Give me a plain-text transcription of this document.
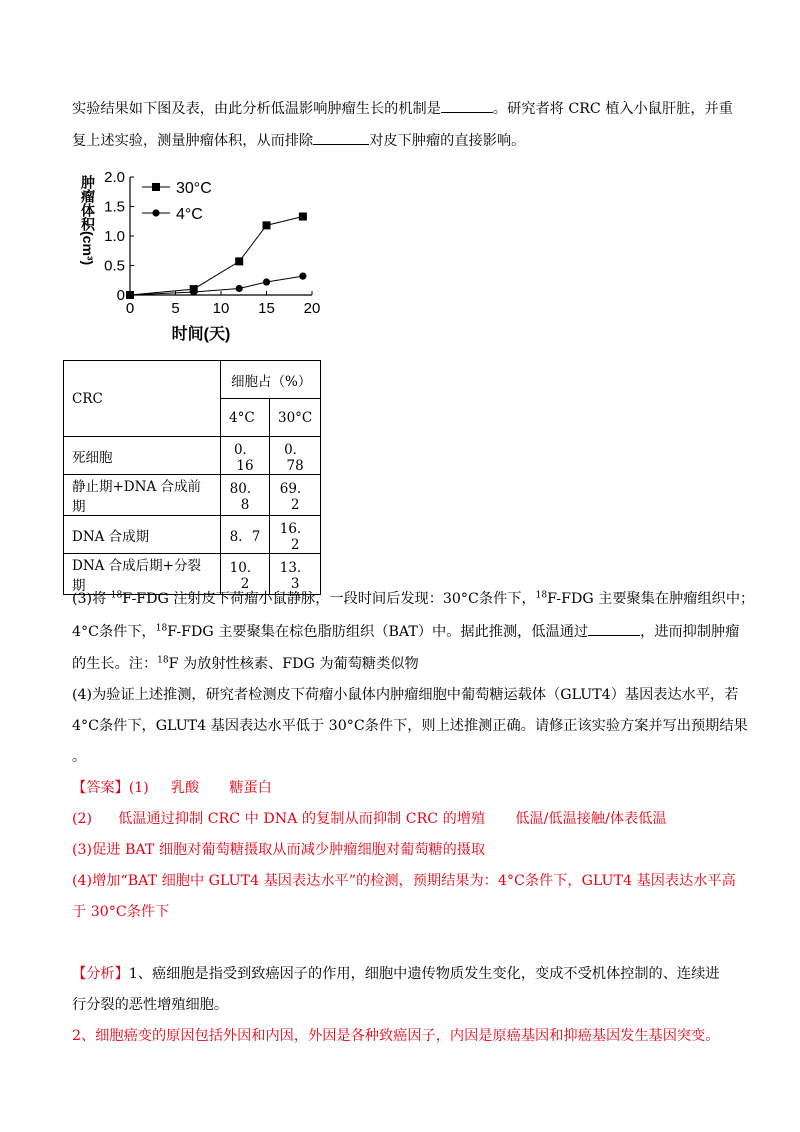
实验结果如下图及表，由此分析低温影响肿瘤生长的机制是	。研究者将 CRC 植入小鼠肝脏，并重
复上述实验，测量肿瘤体积，从而排除	对皮下肿瘤的直接影响。
0 5 10 15 20
0
0.5
1.0
1.5
2.0
时间(天)
肿瘤体积(cm³)	30°C
4°C
CRC	细胞占（%）	
	4°C	30°C
死细胞	0．16	0．78
静止期+DNA 合成前期	80．8	69．2
DNA 合成期	8．7	16．2
DNA 合成后期+分裂期	10．2	13．3
(3)将 $^{18}$F-FDG 注射皮下荷瘤小鼠静脉，一段时间后发现：30°C条件下，$^{18}$F-FDG 主要聚集在肿瘤组织中；
4°C条件下，$^{18}$F-FDG 主要聚集在棕色脂肪组织（BAT）中。据此推测，低温通过	，进而抑制肿瘤
的生长。注：$^{18}$F 为放射性核素、FDG 为葡萄糖类似物
(4)为验证上述推测，研究者检测皮下荷瘤小鼠体内肿瘤细胞中葡萄糖运载体（GLUT4）基因表达水平，若
4°C条件下，GLUT4 基因表达水平低于 30°C条件下，则上述推测正确。请修正该实验方案并写出预期结果
。
【答案】(1) 乳酸 糖蛋白
(2) 低温通过抑制 CRC 中 DNA 的复制从而抑制 CRC 的增殖 低温/低温接触/体表低温
(3)促进 BAT 细胞对葡萄糖摄取从而减少肿瘤细胞对葡萄糖的摄取
(4)增加“BAT 细胞中 GLUT4 基因表达水平”的检测，预期结果为：4°C条件下，GLUT4 基因表达水平高
于 30°C条件下
【分析】1、癌细胞是指受到致癌因子的作用，细胞中遗传物质发生变化，变成不受机体控制的、连续进
行分裂的恶性增殖细胞。
2、细胞癌变的原因包括外因和内因，外因是各种致癌因子，内因是原癌基因和抑癌基因发生基因突变。
